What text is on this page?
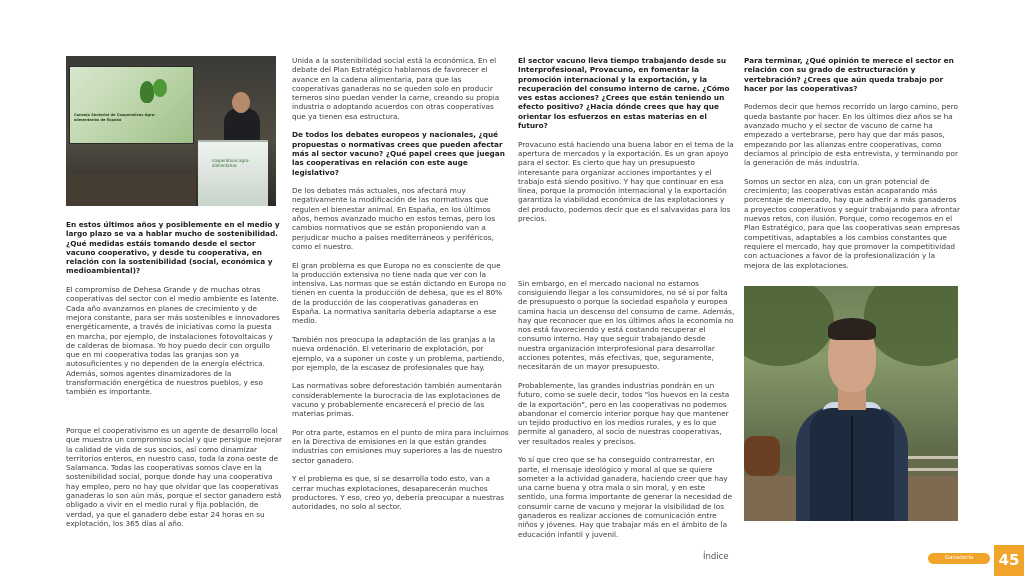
Consejo Sectorial de Cooperativas Agro-alimentarias de España
cooperativas agro-alimentarias

En estos últimos años y posiblemente en el medio y largo plazo se va a hablar mucho de sostenibilidad. ¿Qué medidas estáis tomando desde el sector vacuno cooperativo, y desde tu cooperativa, en relación con la sostenibilidad (social, económica y medioambiental)?

El compromiso de Dehesa Grande y de muchas otras cooperativas del sector con el medio ambiente es latente. Cada año avanzamos en planes de crecimiento y de mejora constante, para ser más sostenibles e innovadores energéticamente, a través de iniciativas como la puesta en marcha, por ejemplo, de instalaciones fotovoltaicas y de calderas de biomasa. Yo hoy puedo decir con orgullo que en mi cooperativa todas las granjas son ya autosuficientes y no dependen de la energía eléctrica. Además, somos agentes dinamizadores de la transformación energética de nuestros pueblos, y eso también es importante.

Porque el cooperativismo es un agente de desarrollo local que muestra un compromiso social y que persigue mejorar la calidad de vida de sus socios, así como dinamizar territorios enteros, en nuestro caso, toda la zona oeste de Salamanca. Todas las cooperativas somos clave en la sostenibilidad social, porque donde hay una cooperativa hay empleo, pero no hay que olvidar que las cooperativas ganaderas lo son aún más, porque el sector ganadero está obligado a vivir en el medio rural y fija población, de verdad, ya que el ganadero debe estar 24 horas en su explotación, los 365 días al año.

Unida a la sostenibilidad social está la económica. En el debate del Plan Estratégico hablamos de favorecer el avance en la cadena alimentaria, para que las cooperativas ganaderas no se queden solo en producir terneros sino puedan vender la carne, creando su propia industria o adoptando acuerdos con otras cooperativas que ya tienen esa estructura.

De todos los debates europeos y nacionales, ¿qué propuestas o normativas crees que pueden afectar más al sector vacuno? ¿Qué papel crees que juegan las cooperativas en relación con este auge legislativo?

De los debates más actuales, nos afectará muy negativamente la modificación de las normativas que regulen el bienestar animal. En España, en los últimos años, hemos avanzado mucho en estos temas, pero los cambios normativos que se están proponiendo van a perjudicar mucho a países mediterráneos y periféricos, como el nuestro.

El gran problema es que Europa no es consciente de que la producción extensiva no tiene nada que ver con la intensiva. Las normas que se están dictando en Europa no tienen en cuenta la producción de dehesa, que es el 80% de la producción de las cooperativas ganaderas en España. La normativa sanitaria debería adaptarse a ese medio.

También nos preocupa la adaptación de las granjas a la nueva ordenación. El veterinario de explotación, por ejemplo, va a suponer un coste y un problema, partiendo, por ejemplo, de la escasez de profesionales que hay.

Las normativas sobre deforestación también aumentarán considerablemente la burocracia de las explotaciones de vacuno y probablemente encarecerá el precio de las materias primas.

Por otra parte, estamos en el punto de mira para incluirnos en la Directiva de emisiones en la que están grandes industrias con emisiones muy superiores a las de nuestro sector ganadero.

Y el problema es que, si se desarrolla todo esto, van a cerrar muchas explotaciones, desaparecerán muchos productores. Y eso, creo yo, debería preocupar a nuestras autoridades, no solo al sector.

El sector vacuno lleva tiempo trabajando desde su Interprofesional, Provacuno, en fomentar la promoción internacional y la exportación, y la recuperación del consumo interno de carne. ¿Cómo ves estas acciones? ¿Crees que están teniendo un efecto positivo? ¿Hacia dónde crees que hay que orientar los esfuerzos en estas materias en el futuro?

Provacuno está haciendo una buena labor en el tema de la apertura de mercados y la exportación. Es un gran apoyo para el sector. Es cierto que hay un presupuesto interesante para organizar acciones importantes y el trabajo está siendo positivo. Y hay que continuar en esa línea, porque la promoción internacional y la exportación garantiza la viabilidad económica de las explotaciones y del producto, podemos decir que es el salvavidas para los precios.

Sin embargo, en el mercado nacional no estamos consiguiendo llegar a los consumidores, no sé si por falta de presupuesto o porque la sociedad española y europea camina hacia un descenso del consumo de carne. Además, hay que reconocer que en los últimos años la economía no nos está favoreciendo y está costando recuperar el consumo interno. Hay que seguir trabajando desde nuestra organización Interprofesional para desarrollar acciones potentes, más efectivas, que, seguramente, necesitarán de un mayor presupuesto.

Probablemente, las grandes industrias pondrán en un futuro, como se suele decir, todos "los huevos en la cesta de la exportación", pero en las cooperativas no podemos abandonar el comercio interior porque hay que mantener un tejido productivo en los medios rurales, y es lo que permite al ganadero, al socio de nuestras cooperativas, ver resultados reales y precisos.

Yo sí que creo que se ha conseguido contrarrestar, en parte, el mensaje ideológico y moral al que se quiere someter a la actividad ganadera, haciendo creer que hay una carne buena y otra mala o sin moral, y en este sentido, una forma importante de generar la necesidad de consumir carne de vacuno y mejorar la visibilidad de los ganaderos es realizar acciones de comunicación entre niños y jóvenes. Hay que trabajar más en el ámbito de la educación infantil y juvenil.

Para terminar, ¿Qué opinión te merece el sector en relación con su grado de estructuración y vertebración? ¿Crees que aún queda trabajo por hacer por las cooperativas?

Podemos decir que hemos recorrido un largo camino, pero queda bastante por hacer. En los últimos diez años se ha avanzado mucho y el sector de vacuno de carne ha empezado a vertebrarse, pero hay que dar más pasos, empezando por las alianzas entre cooperativas, como decíamos al principio de esta entrevista, y terminando por la generación de más industria.

Somos un sector en alza, con un gran potencial de crecimiento; las cooperativas están acaparando más porcentaje de mercado, hay que adherir a más ganaderos a proyectos cooperativos y seguir trabajando para afrontar nuevos retos, con ilusión. Porque, como recogemos en el Plan Estratégico, para que las cooperativas sean empresas competitivas, adaptables a los cambios constantes que requiere el mercado, hay que promover la competitividad con actuaciones a favor de la profesionalización y la mejora de las explotaciones.

Índice	Ganadería	45
